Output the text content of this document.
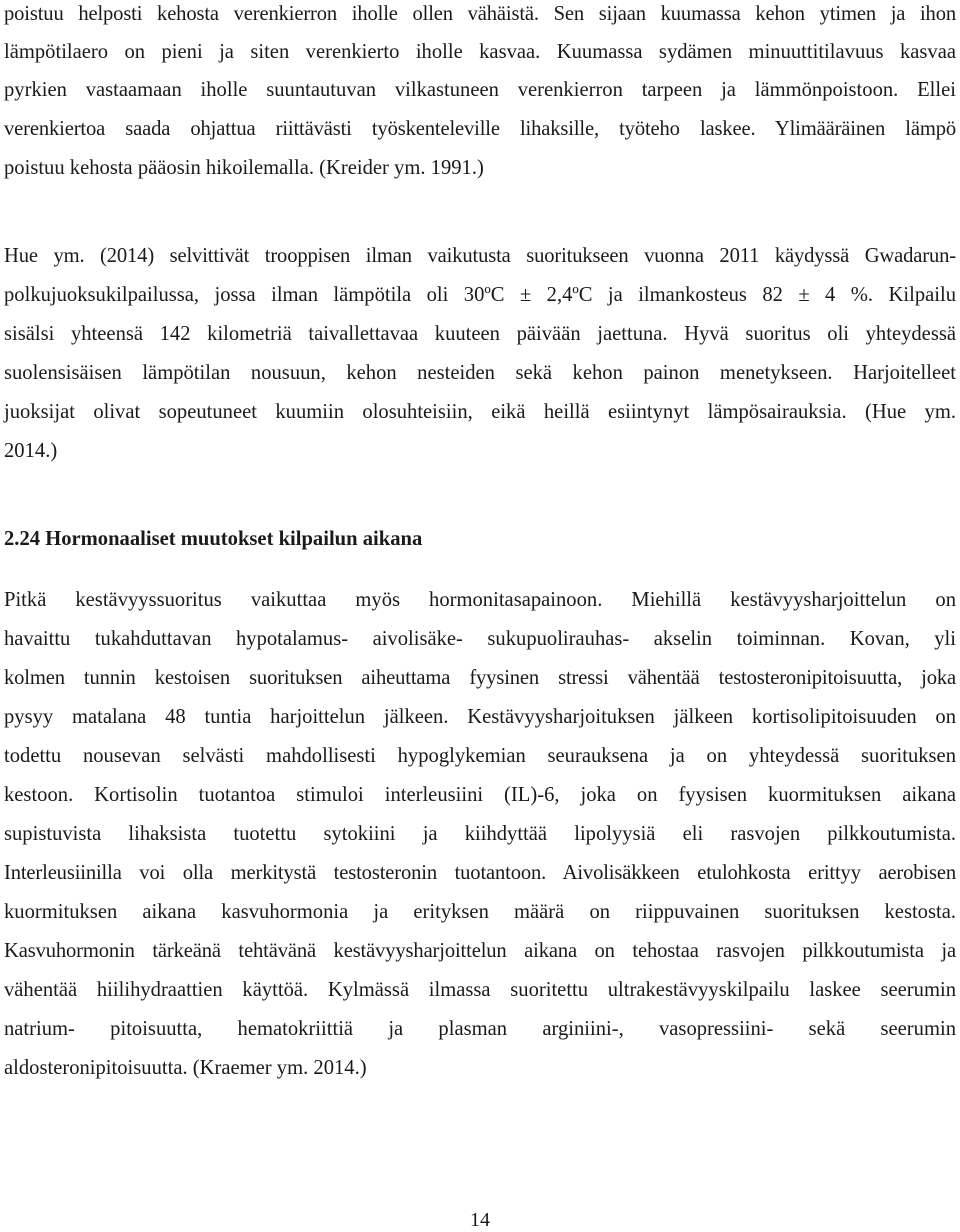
poistuu helposti kehosta verenkierron iholle ollen vähäistä. Sen sijaan kuumassa kehon ytimen ja ihon
lämpötilaero on pieni ja siten verenkierto iholle kasvaa. Kuumassa sydämen minuuttitilavuus kasvaa
pyrkien vastaamaan iholle suuntautuvan vilkastuneen verenkierron tarpeen ja lämmönpoistoon. Ellei
verenkiertoa saada ohjattua riittävästi työskenteleville lihaksille, työteho laskee. Ylimääräinen lämpö
poistuu kehosta pääosin hikoilemalla. (Kreider ym. 1991.)
Hue ym. (2014) selvittivät trooppisen ilman vaikutusta suoritukseen vuonna 2011 käydyssä Gwadarun-
polkujuoksukilpailussa, jossa ilman lämpötila oli 30ºC ± 2,4ºC ja ilmankosteus 82 ± 4 %. Kilpailu
sisälsi yhteensä 142 kilometriä taivallettavaa kuuteen päivään jaettuna. Hyvä suoritus oli yhteydessä
suolensisäisen lämpötilan nousuun, kehon nesteiden sekä kehon painon menetykseen. Harjoitelleet
juoksijat olivat sopeutuneet kuumiin olosuhteisiin, eikä heillä esiintynyt lämpösairauksia. (Hue ym.
2014.)
2.24 Hormonaaliset muutokset kilpailun aikana
Pitkä kestävyyssuoritus vaikuttaa myös hormonitasapainoon. Miehillä kestävyysharjoittelun on
havaittu tukahduttavan hypotalamus- aivolisäke- sukupuolirauhas- akselin toiminnan. Kovan, yli
kolmen tunnin kestoisen suorituksen aiheuttama fyysinen stressi vähentää testosteronipitoisuutta, joka
pysyy matalana 48 tuntia harjoittelun jälkeen. Kestävyysharjoituksen jälkeen kortisolipitoisuuden on
todettu nousevan selvästi mahdollisesti hypoglykemian seurauksena ja on yhteydessä suorituksen
kestoon. Kortisolin tuotantoa stimuloi interleusiini (IL)-6, joka on fyysisen kuormituksen aikana
supistuvista lihaksista tuotettu sytokiini ja kiihdyttää lipolyysiä eli rasvojen pilkkoutumista.
Interleusiinilla voi olla merkitystä testosteronin tuotantoon. Aivolisäkkeen etulohkosta erittyy aerobisen
kuormituksen aikana kasvuhormonia ja erityksen määrä on riippuvainen suorituksen kestosta.
Kasvuhormonin tärkeänä tehtävänä kestävyysharjoittelun aikana on tehostaa rasvojen pilkkoutumista ja
vähentää hiilihydraattien käyttöä. Kylmässä ilmassa suoritettu ultrakestävyyskilpailu laskee seerumin
natrium- pitoisuutta, hematokriittiä ja plasman arginiini-, vasopressiini- sekä seerumin
aldosteronipitoisuutta. (Kraemer ym. 2014.)
14
